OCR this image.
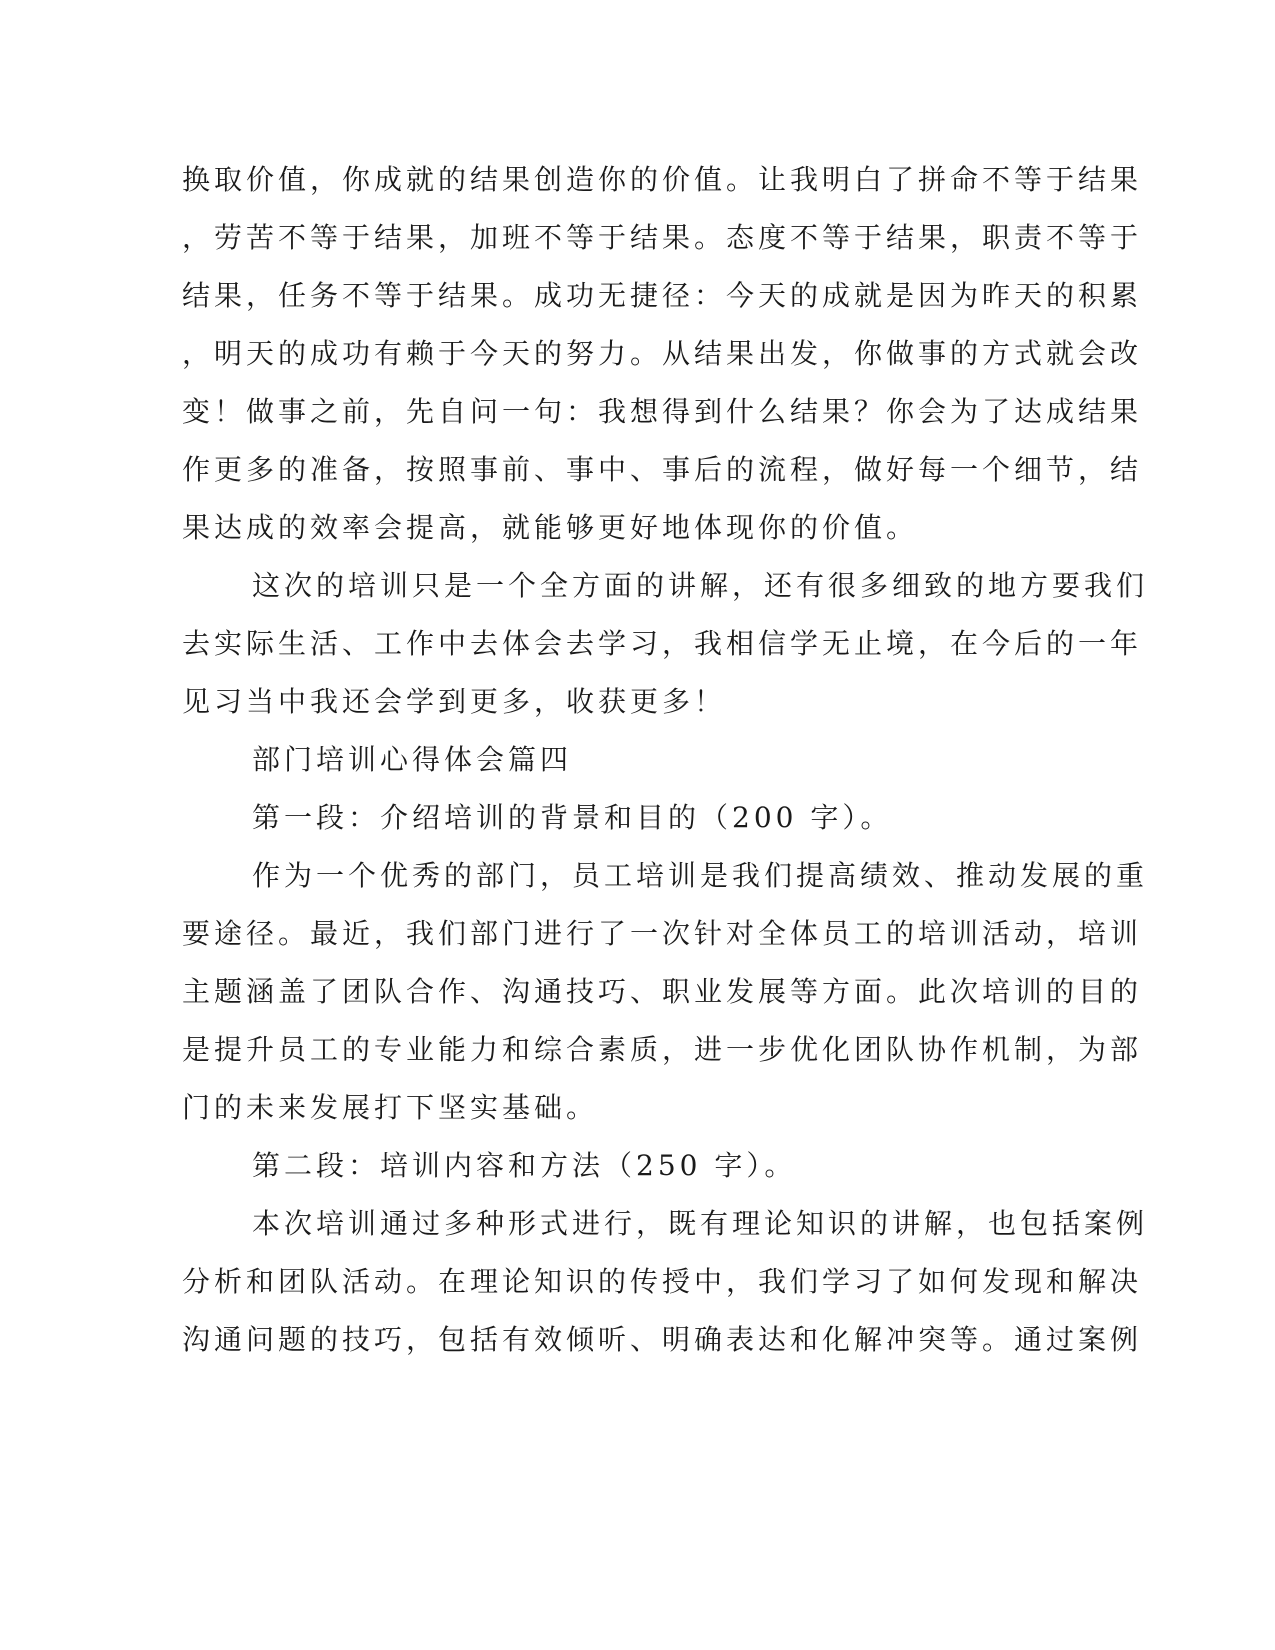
换取价值，你成就的结果创造你的价值。让我明白了拼命不等于结果
，劳苦不等于结果，加班不等于结果。态度不等于结果，职责不等于
结果，任务不等于结果。成功无捷径：今天的成就是因为昨天的积累
，明天的成功有赖于今天的努力。从结果出发，你做事的方式就会改
变！做事之前，先自问一句：我想得到什么结果？你会为了达成结果
作更多的准备，按照事前、事中、事后的流程，做好每一个细节，结
果达成的效率会提高，就能够更好地体现你的价值。
这次的培训只是一个全方面的讲解，还有很多细致的地方要我们
去实际生活、工作中去体会去学习，我相信学无止境，在今后的一年
见习当中我还会学到更多，收获更多！
部门培训心得体会篇四
第一段：介绍培训的背景和目的（200 字）。
作为一个优秀的部门，员工培训是我们提高绩效、推动发展的重
要途径。最近，我们部门进行了一次针对全体员工的培训活动，培训
主题涵盖了团队合作、沟通技巧、职业发展等方面。此次培训的目的
是提升员工的专业能力和综合素质，进一步优化团队协作机制，为部
门的未来发展打下坚实基础。
第二段：培训内容和方法（250 字）。
本次培训通过多种形式进行，既有理论知识的讲解，也包括案例
分析和团队活动。在理论知识的传授中，我们学习了如何发现和解决
沟通问题的技巧，包括有效倾听、明确表达和化解冲突等。通过案例
